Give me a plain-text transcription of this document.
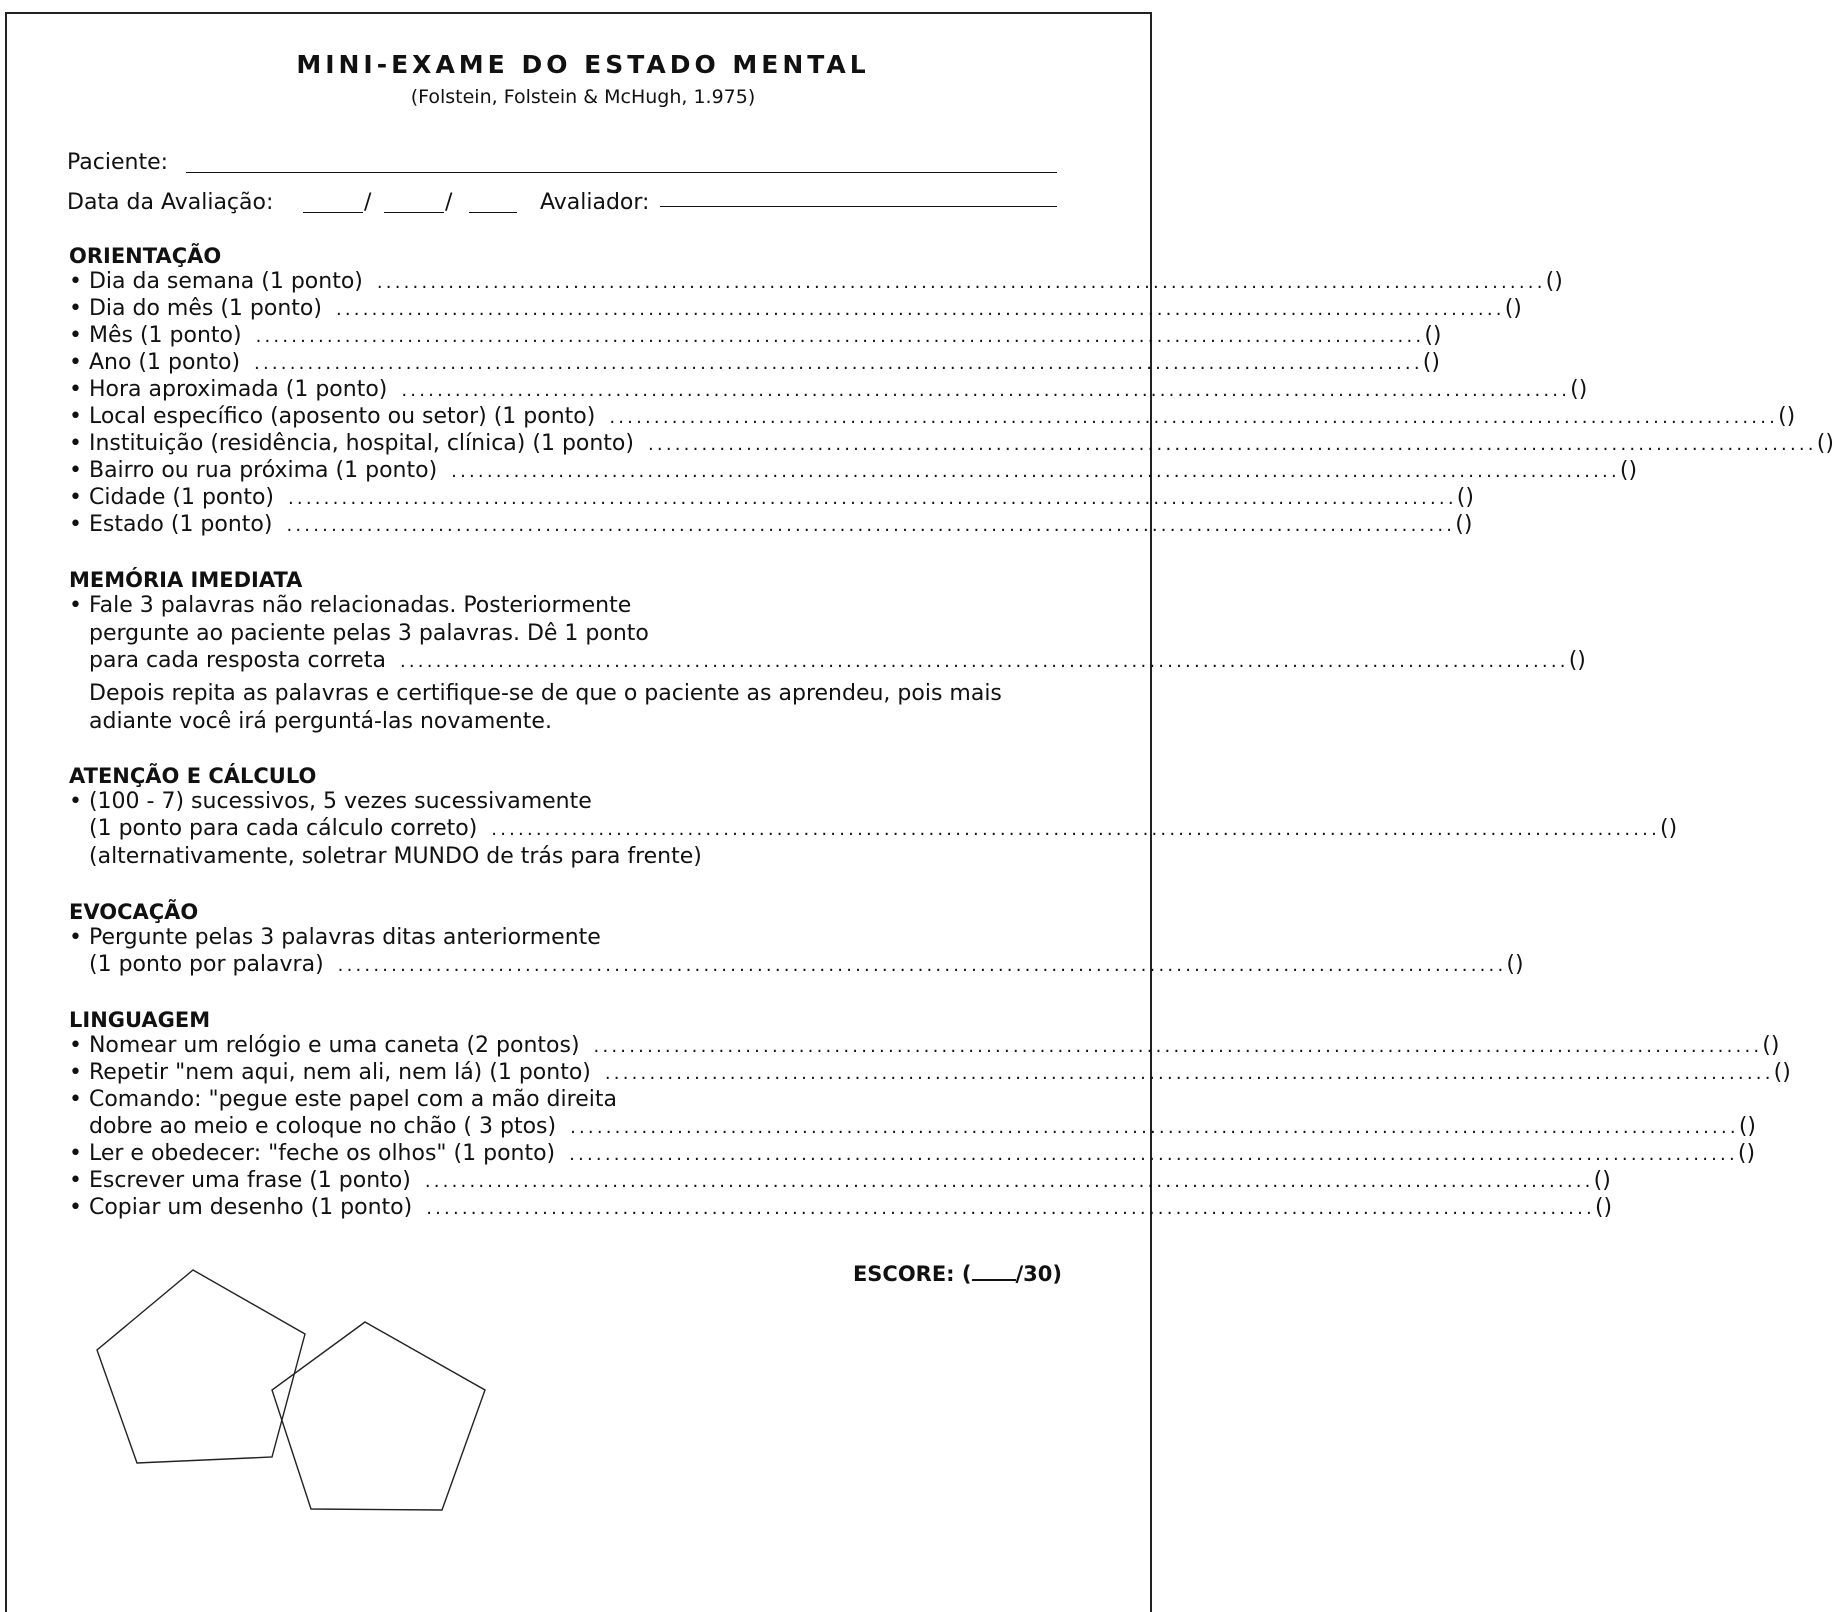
MINI-EXAME DO ESTADO MENTAL
(Folstein, Folstein & McHugh, 1.975)
Paciente:
Data da Avaliação:	/	/	Avaliador:
ORIENTAÇÃO
• Dia da semana (1 ponto) ................................................................................................................................... ( )
• Dia do mês (1 ponto) ................................................................................................................................... ( )
• Mês (1 ponto) ................................................................................................................................... ( )
• Ano (1 ponto) ................................................................................................................................... ( )
• Hora aproximada (1 ponto) ................................................................................................................................... ( )
• Local específico (aposento ou setor) (1 ponto) ................................................................................................................................... ( )
• Instituição (residência, hospital, clínica) (1 ponto) ................................................................................................................................... ( )
• Bairro ou rua próxima (1 ponto) ................................................................................................................................... ( )
• Cidade (1 ponto) ................................................................................................................................... ( )
• Estado (1 ponto) ................................................................................................................................... ( )
MEMÓRIA IMEDIATA
• Fale 3 palavras não relacionadas. Posteriormente
pergunte ao paciente pelas 3 palavras. Dê 1 ponto
para cada resposta correta ................................................................................................................................... ( )
Depois repita as palavras e certifique-se de que o paciente as aprendeu, pois mais
adiante você irá perguntá-las novamente.
ATENÇÃO E CÁLCULO
• (100 - 7) sucessivos, 5 vezes sucessivamente
(1 ponto para cada cálculo correto) ................................................................................................................................... ( )
(alternativamente, soletrar MUNDO de trás para frente)
EVOCAÇÃO
• Pergunte pelas 3 palavras ditas anteriormente
(1 ponto por palavra) ................................................................................................................................... ( )
LINGUAGEM
• Nomear um relógio e uma caneta (2 pontos) ................................................................................................................................... ( )
• Repetir "nem aqui, nem ali, nem lá) (1 ponto) ................................................................................................................................... ( )
• Comando: "pegue este papel com a mão direita
dobre ao meio e coloque no chão ( 3 ptos) ................................................................................................................................... ( )
• Ler e obedecer: "feche os olhos" (1 ponto) ................................................................................................................................... ( )
• Escrever uma frase (1 ponto) ................................................................................................................................... ( )
• Copiar um desenho (1 ponto) ................................................................................................................................... ( )
ESCORE: ( /30)
